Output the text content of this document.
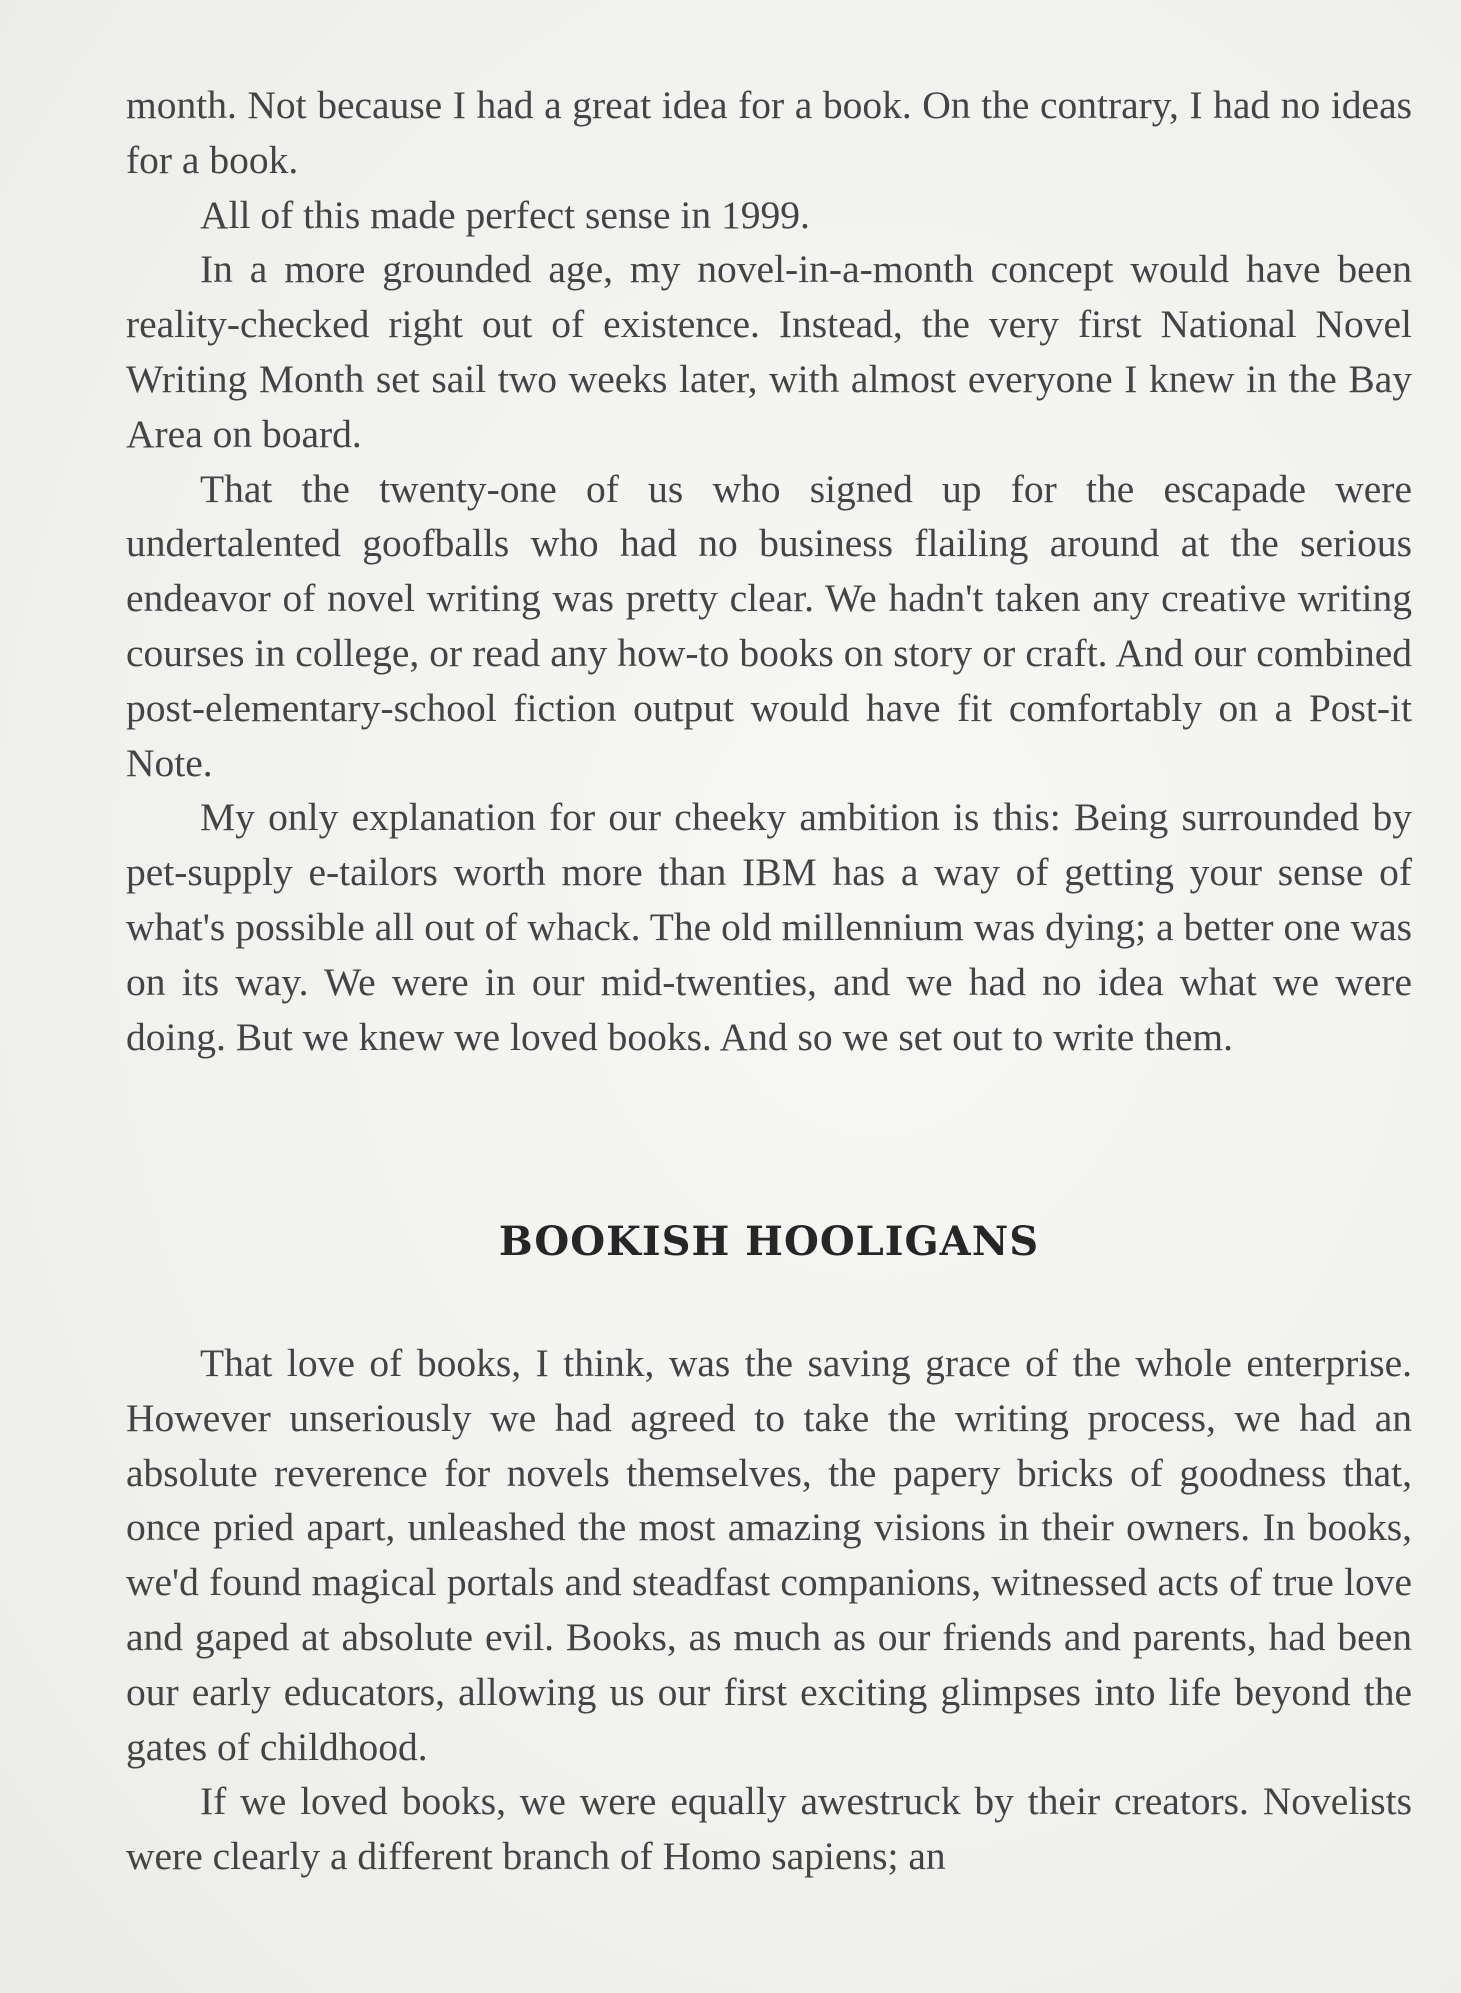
month. Not because I had a great idea for a book. On the contrary, I had no ideas for a book.

All of this made perfect sense in 1999.

In a more grounded age, my novel-in-a-month concept would have been reality-checked right out of existence. Instead, the very first National Novel Writing Month set sail two weeks later, with almost everyone I knew in the Bay Area on board.

That the twenty-one of us who signed up for the escapade were undertalented goofballs who had no business flailing around at the serious endeavor of novel writing was pretty clear. We hadn't taken any creative writing courses in college, or read any how-to books on story or craft. And our combined post-elementary-school fiction output would have fit comfortably on a Post-it Note.

My only explanation for our cheeky ambition is this: Being surrounded by pet-supply e-tailors worth more than IBM has a way of getting your sense of what's possible all out of whack. The old millennium was dying; a better one was on its way. We were in our mid-twenties, and we had no idea what we were doing. But we knew we loved books. And so we set out to write them.

BOOKISH HOOLIGANS

That love of books, I think, was the saving grace of the whole enterprise. However unseriously we had agreed to take the writing process, we had an absolute reverence for novels themselves, the papery bricks of goodness that, once pried apart, unleashed the most amazing visions in their owners. In books, we'd found magical portals and steadfast companions, witnessed acts of true love and gaped at absolute evil. Books, as much as our friends and parents, had been our early educators, allowing us our first exciting glimpses into life beyond the gates of childhood.

If we loved books, we were equally awestruck by their creators. Novelists were clearly a different branch of Homo sapiens; an
